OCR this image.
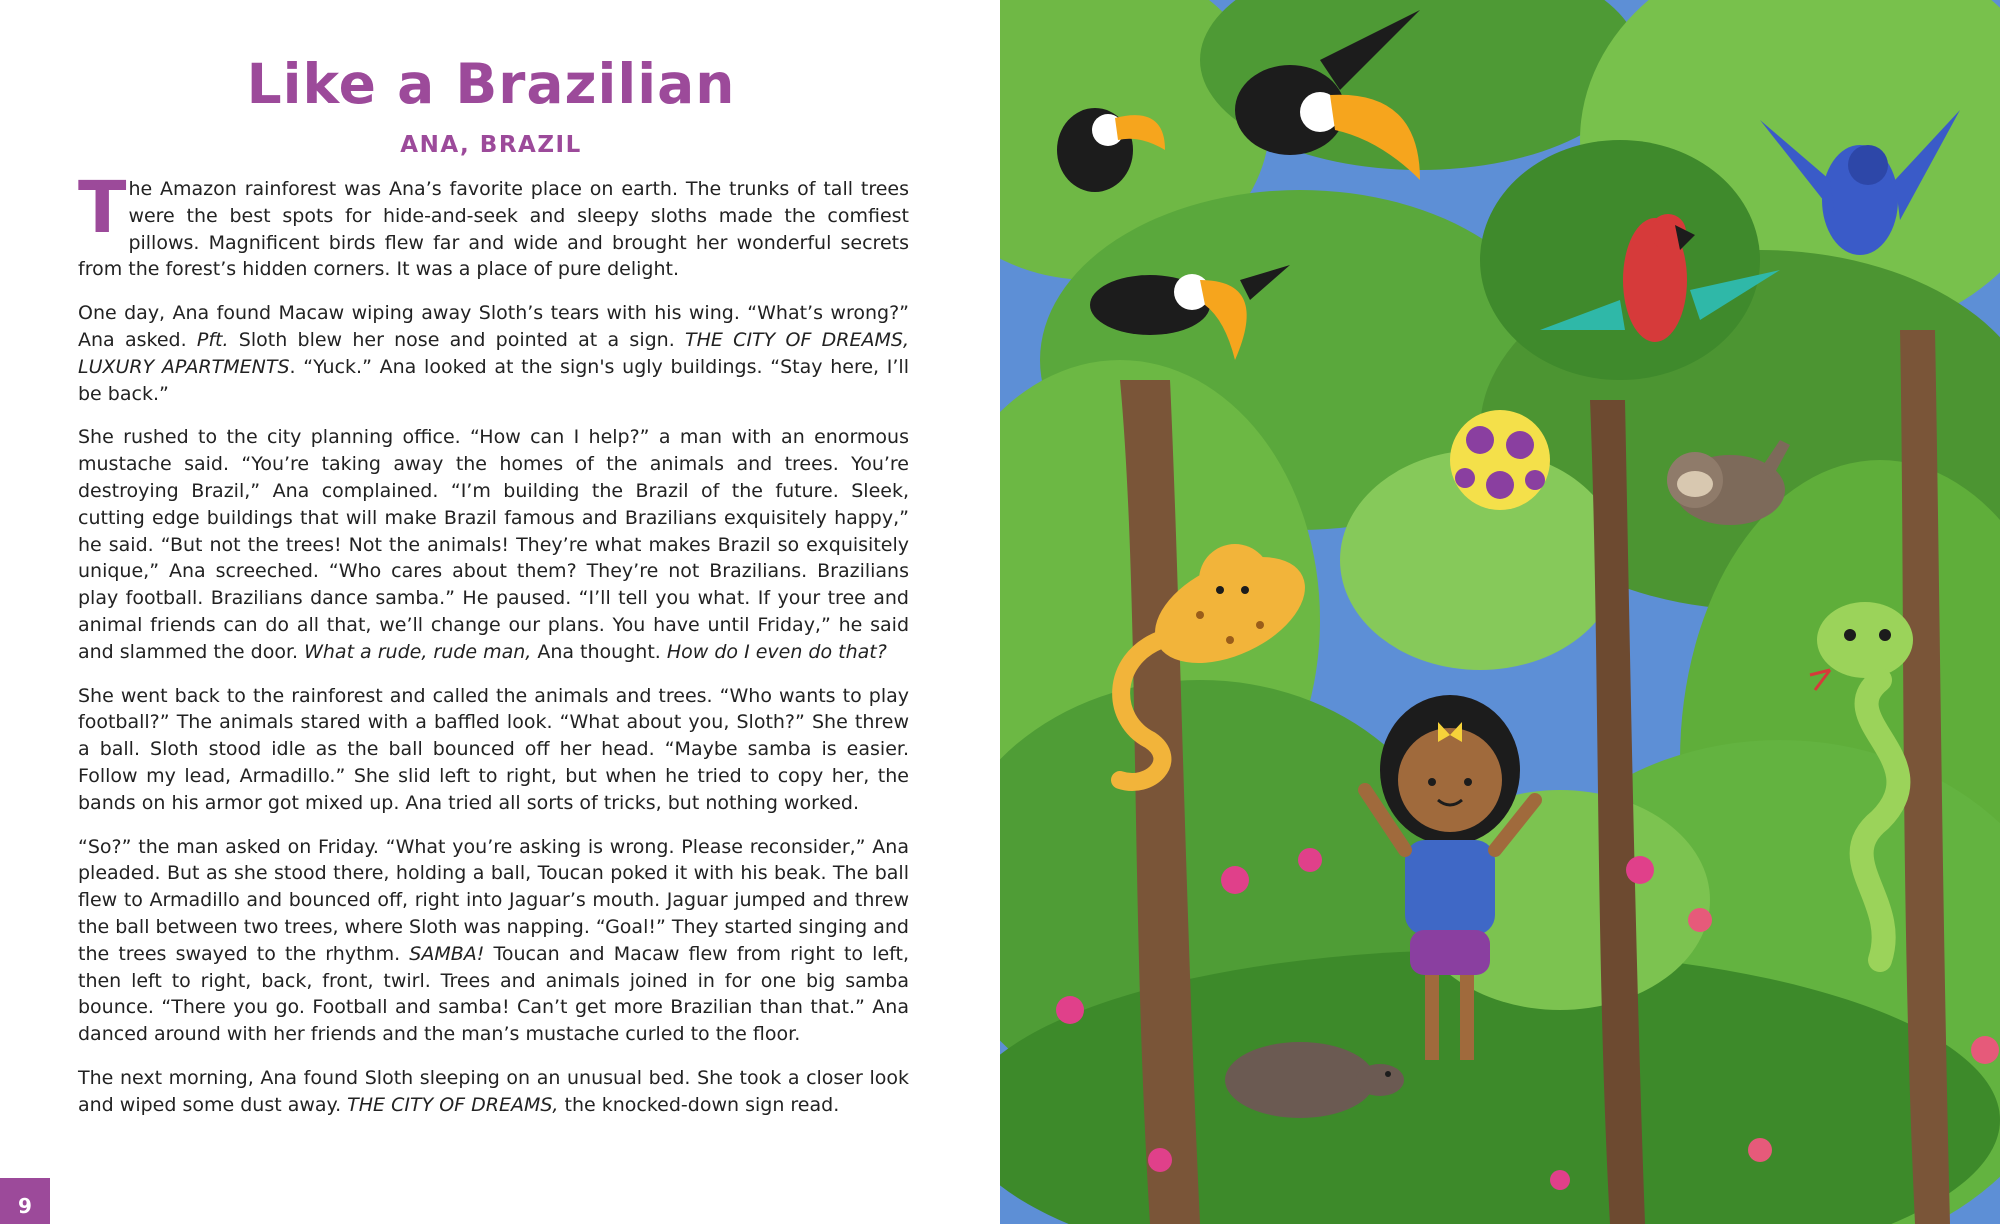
Like a Brazilian
ANA, BRAZIL

The Amazon rainforest was Ana’s favorite place on earth. The trunks of tall trees were the best spots for hide-and-seek and sleepy sloths made the comfiest pillows. Magnificent birds flew far and wide and brought her wonderful secrets from the forest’s hidden corners. It was a place of pure delight.

One day, Ana found Macaw wiping away Sloth’s tears with his wing. “What’s wrong?” Ana asked. Pft. Sloth blew her nose and pointed at a sign. THE CITY OF DREAMS, LUXURY APARTMENTS. “Yuck.” Ana looked at the sign's ugly buildings. “Stay here, I’ll be back.”

She rushed to the city planning office. “How can I help?” a man with an enormous mustache said. “You’re taking away the homes of the animals and trees. You’re destroying Brazil,” Ana complained. “I’m building the Brazil of the future. Sleek, cutting edge buildings that will make Brazil famous and Brazilians exquisitely happy,” he said. “But not the trees! Not the animals! They’re what makes Brazil so exquisitely unique,” Ana screeched. “Who cares about them? They’re not Brazilians. Brazilians play football. Brazilians dance samba.” He paused. “I’ll tell you what. If your tree and animal friends can do all that, we’ll change our plans. You have until Friday,” he said and slammed the door. What a rude, rude man, Ana thought. How do I even do that?

She went back to the rainforest and called the animals and trees. “Who wants to play football?” The animals stared with a baffled look. “What about you, Sloth?” She threw a ball. Sloth stood idle as the ball bounced off her head. “Maybe samba is easier. Follow my lead, Armadillo.” She slid left to right, but when he tried to copy her, the bands on his armor got mixed up. Ana tried all sorts of tricks, but nothing worked.

“So?” the man asked on Friday. “What you’re asking is wrong. Please reconsider,” Ana pleaded. But as she stood there, holding a ball, Toucan poked it with his beak. The ball flew to Armadillo and bounced off, right into Jaguar’s mouth. Jaguar jumped and threw the ball between two trees, where Sloth was napping. “Goal!” They started singing and the trees swayed to the rhythm. SAMBA! Toucan and Macaw flew from right to left, then left to right, back, front, twirl. Trees and animals joined in for one big samba bounce. “There you go. Football and samba! Can’t get more Brazilian than that.” Ana danced around with her friends and the man’s mustache curled to the floor.

The next morning, Ana found Sloth sleeping on an unusual bed. She took a closer look and wiped some dust away. THE CITY OF DREAMS, the knocked-down sign read.

9
